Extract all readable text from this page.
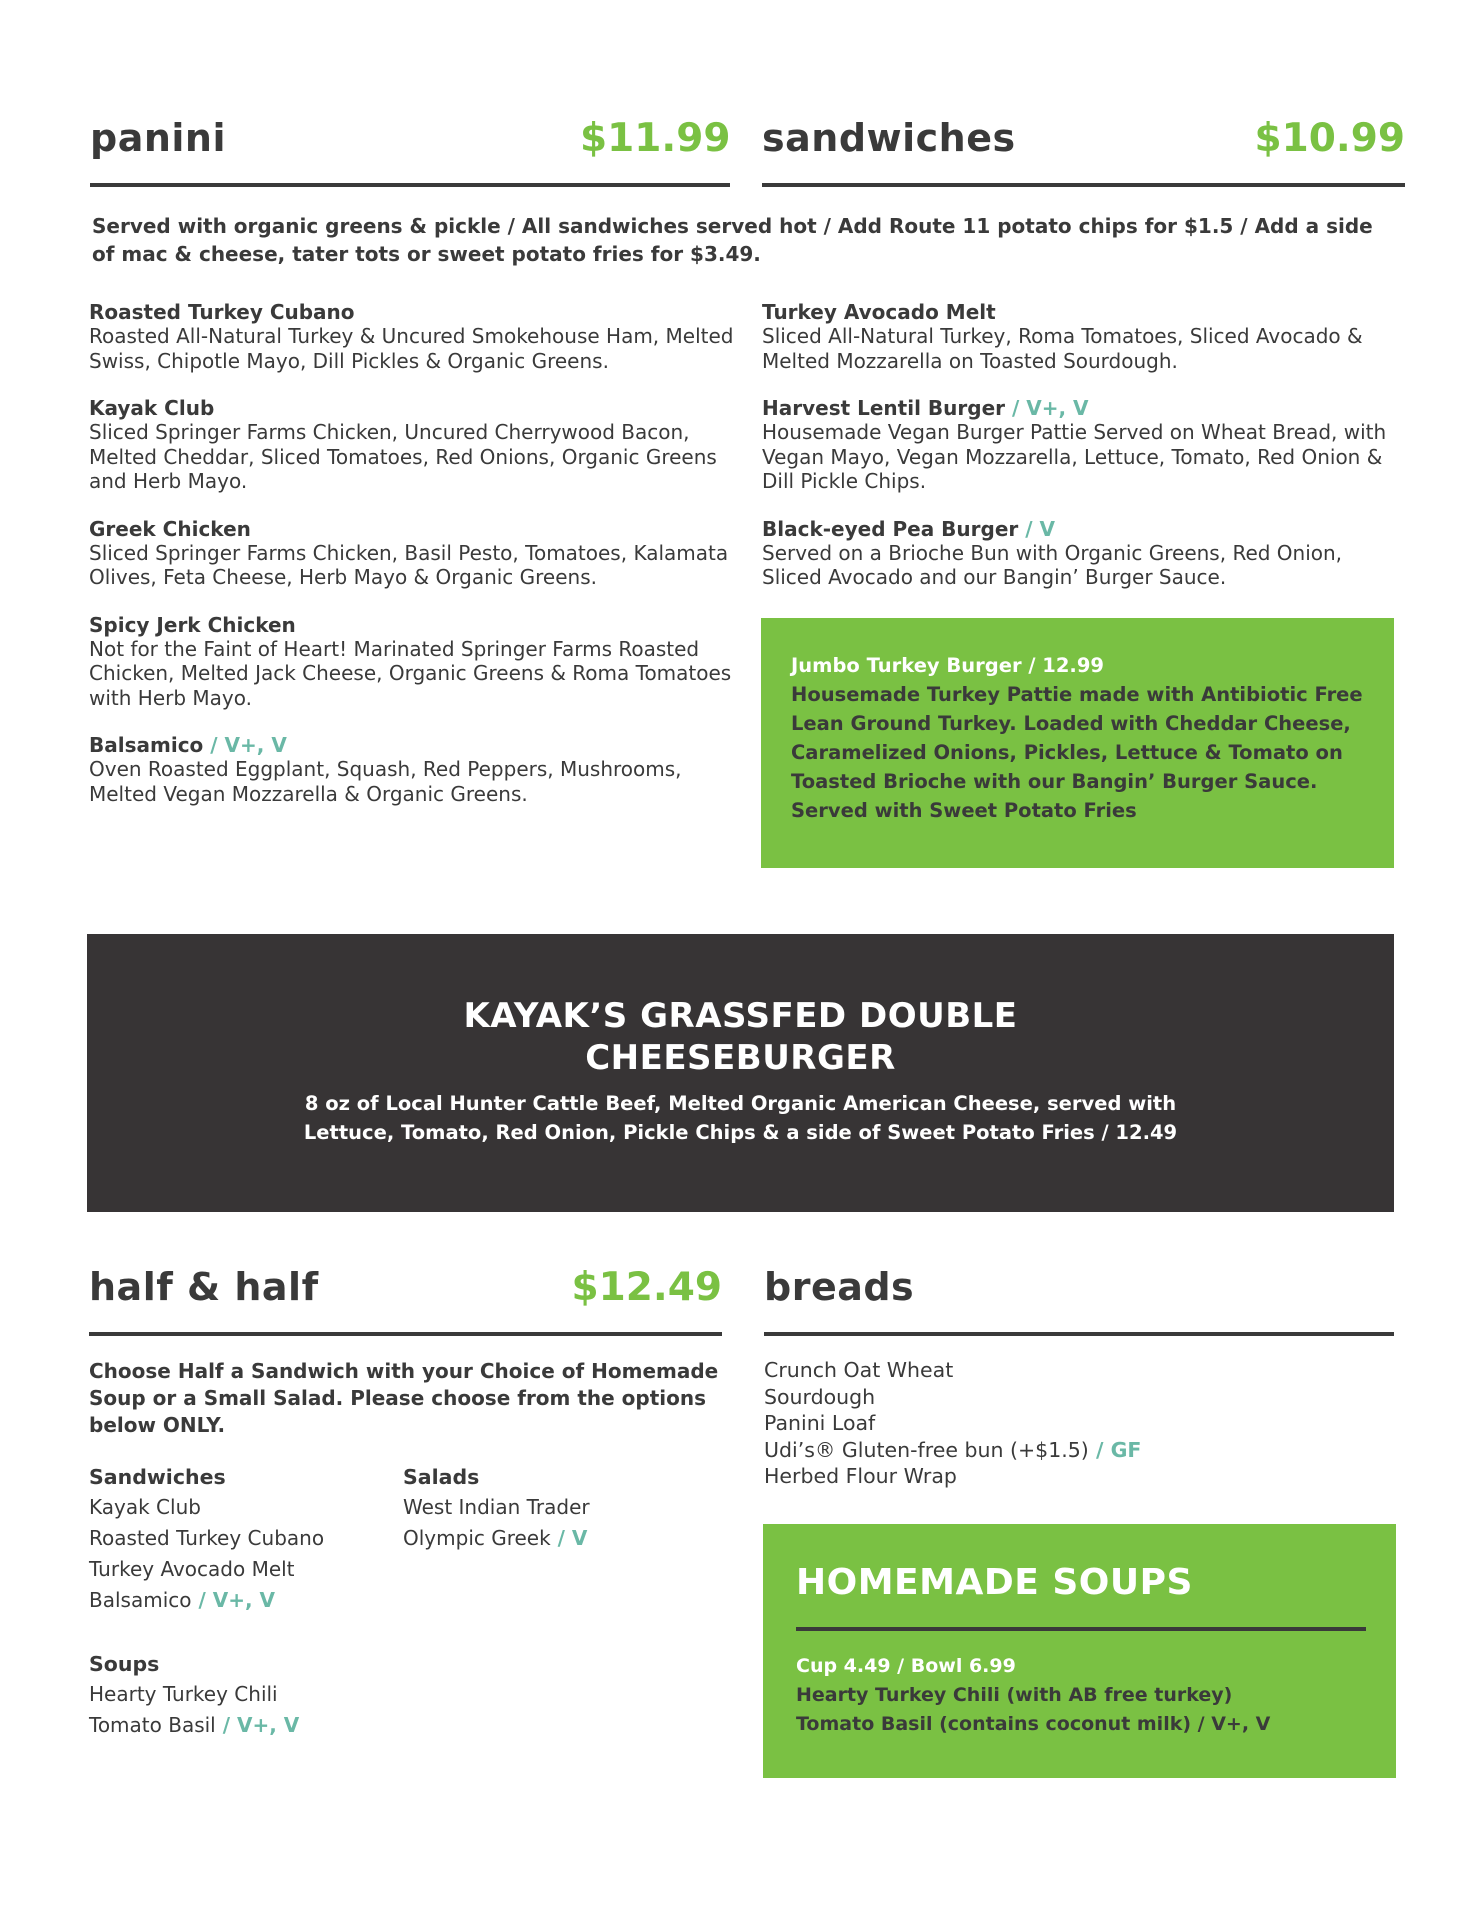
panini	$11.99 sandwiches	$10.99
Served with organic greens & pickle / All sandwiches served hot / Add Route 11 potato chips for $1.5 / Add a side of mac & cheese, tater tots or sweet potato fries for $3.49.
Roasted Turkey Cubano
Roasted All-Natural Turkey & Uncured Smokehouse Ham, Melted Swiss, Chipotle Mayo, Dill Pickles & Organic Greens.
Kayak Club
Sliced Springer Farms Chicken, Uncured Cherrywood Bacon, Melted Cheddar, Sliced Tomatoes, Red Onions, Organic Greens and Herb Mayo.
Greek Chicken
Sliced Springer Farms Chicken, Basil Pesto, Tomatoes, Kalamata Olives, Feta Cheese, Herb Mayo & Organic Greens.
Spicy Jerk Chicken
Not for the Faint of Heart! Marinated Springer Farms Roasted Chicken, Melted Jack Cheese, Organic Greens & Roma Tomatoes with Herb Mayo.
Balsamico / V+, V
Oven Roasted Eggplant, Squash, Red Peppers, Mushrooms, Melted Vegan Mozzarella & Organic Greens.
Turkey Avocado Melt
Sliced All-Natural Turkey, Roma Tomatoes, Sliced Avocado & Melted Mozzarella on Toasted Sourdough.
Harvest Lentil Burger / V+, V
Housemade Vegan Burger Pattie Served on Wheat Bread, with Vegan Mayo, Vegan Mozzarella, Lettuce, Tomato, Red Onion & Dill Pickle Chips.
Black-eyed Pea Burger / V
Served on a Brioche Bun with Organic Greens, Red Onion, Sliced Avocado and our Bangin’ Burger Sauce.
Jumbo Turkey Burger / 12.99
Housemade Turkey Pattie made with Antibiotic Free
Lean Ground Turkey. Loaded with Cheddar Cheese,
Caramelized Onions, Pickles, Lettuce & Tomato on
Toasted Brioche with our Bangin’ Burger Sauce.
Served with Sweet Potato Fries
KAYAK’S GRASSFED DOUBLE
CHEESEBURGER
8 oz of Local Hunter Cattle Beef, Melted Organic American Cheese, served with
Lettuce, Tomato, Red Onion, Pickle Chips & a side of Sweet Potato Fries / 12.49
half & half	$12.49
Choose Half a Sandwich with your Choice of Homemade
Soup or a Small Salad. Please choose from the options
below ONLY.
Sandwiches
Kayak Club
Roasted Turkey Cubano
Turkey Avocado Melt
Balsamico / V+, V
Salads
West Indian Trader
Olympic Greek / V
Soups
Hearty Turkey Chili
Tomato Basil / V+, V
breads
Crunch Oat Wheat
Sourdough
Panini Loaf
Udi’s® Gluten-free bun (+$1.5) / GF
Herbed Flour Wrap
HOMEMADE SOUPS
Cup 4.49 / Bowl 6.99
Hearty Turkey Chili (with AB free turkey)
Tomato Basil (contains coconut milk) / V+, V
